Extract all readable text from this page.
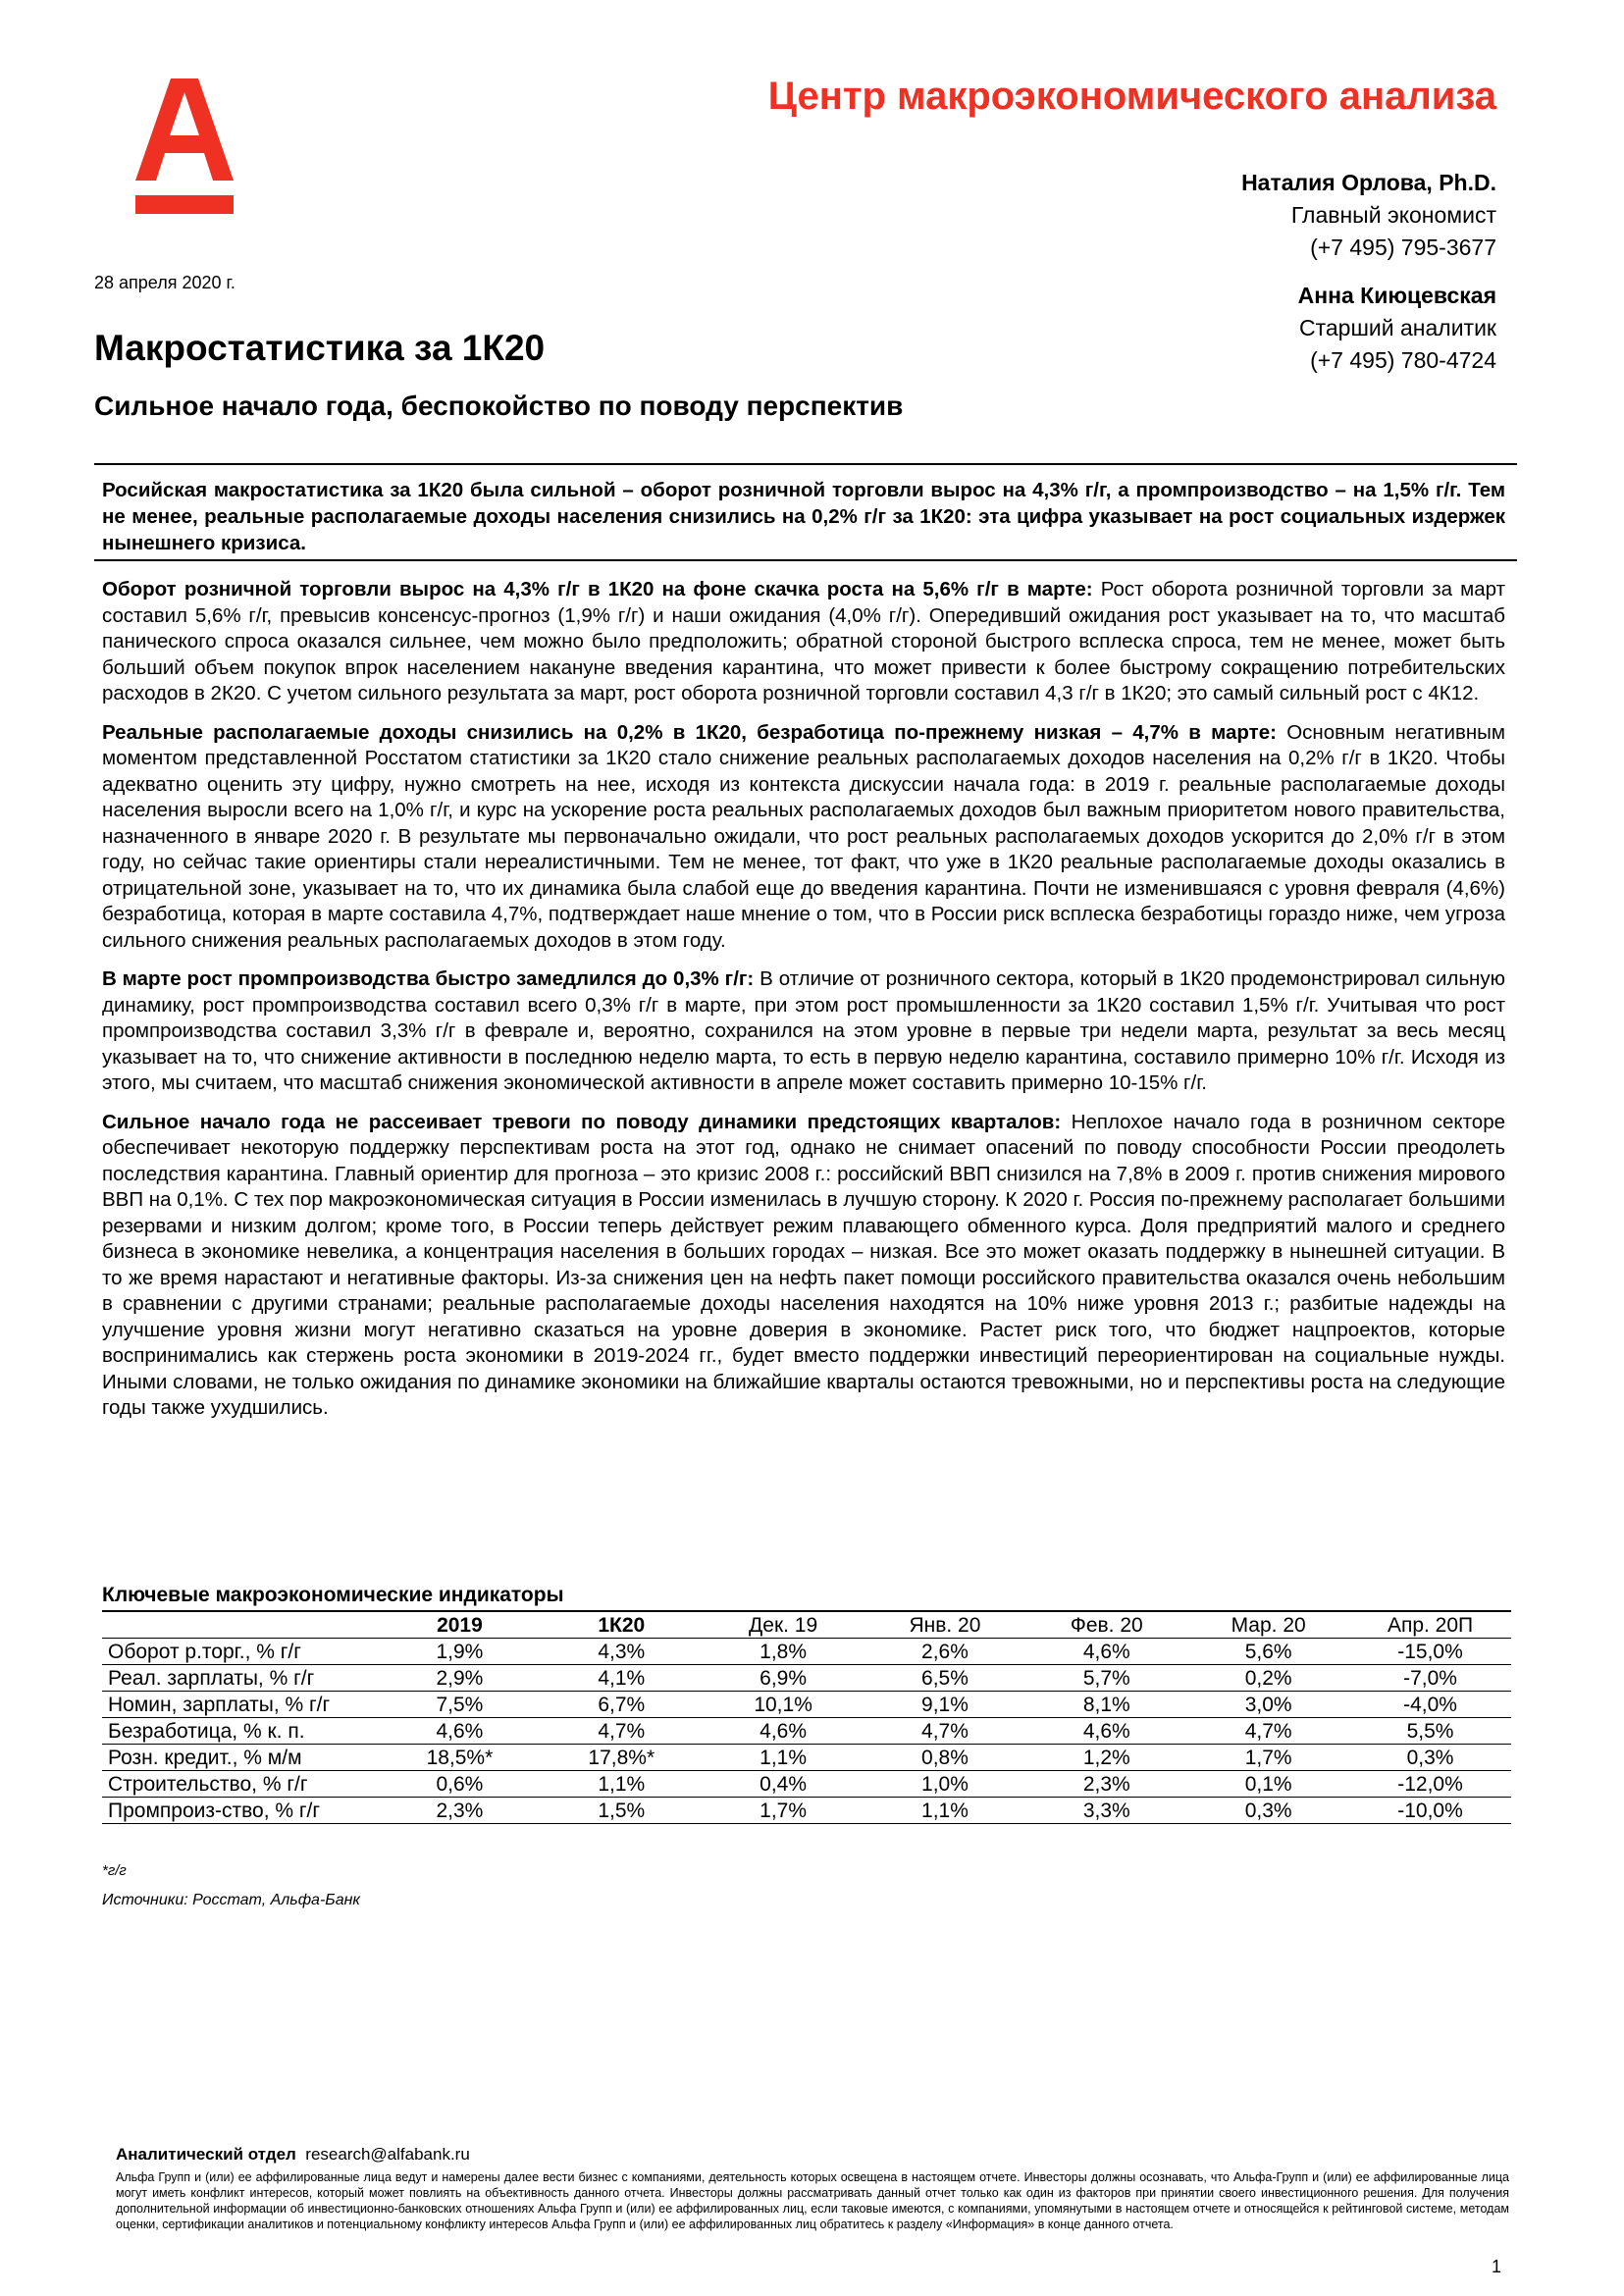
Центр макроэкономического анализа
Наталия Орлова, Ph.D.
Главный экономист
(+7 495) 795-3677
Анна Киюцевская
Старший аналитик
(+7 495) 780-4724
28 апреля 2020 г.
Макростатистика за 1К20
Сильное начало года, беспокойство по поводу перспектив
Росийская макростатистика за 1К20 была сильной – оборот розничной торговли вырос на 4,3% г/г, а промпроизводство – на 1,5% г/г. Тем не менее, реальные располагаемые доходы населения снизились на 0,2% г/г за 1К20: эта цифра указывает на рост социальных издержек нынешнего кризиса.

Оборот розничной торговли вырос на 4,3% г/г в 1К20 на фоне скачка роста на 5,6% г/г в марте: Рост оборота розничной торговли за март составил 5,6% г/г, превысив консенсус-прогноз (1,9% г/г) и наши ожидания (4,0% г/г). Опередивший ожидания рост указывает на то, что масштаб панического спроса оказался сильнее, чем можно было предположить; обратной стороной быстрого всплеска спроса, тем не менее, может быть больший объем покупок впрок населением накануне введения карантина, что может привести к более быстрому сокращению потребительских расходов в 2К20. С учетом сильного результата за март, рост оборота розничной торговли составил 4,3 г/г в 1К20; это самый сильный рост с 4К12.

Реальные располагаемые доходы снизились на 0,2% в 1К20, безработица по-прежнему низкая – 4,7% в марте: Основным негативным моментом представленной Росстатом статистики за 1К20 стало снижение реальных располагаемых доходов населения на 0,2% г/г в 1К20. Чтобы адекватно оценить эту цифру, нужно смотреть на нее, исходя из контекста дискуссии начала года: в 2019 г. реальные располагаемые доходы населения выросли всего на 1,0% г/г, и курс на ускорение роста реальных располагаемых доходов был важным приоритетом нового правительства, назначенного в январе 2020 г. В результате мы первоначально ожидали, что рост реальных располагаемых доходов ускорится до 2,0% г/г в этом году, но сейчас такие ориентиры стали нереалистичными. Тем не менее, тот факт, что уже в 1К20 реальные располагаемые доходы оказались в отрицательной зоне, указывает на то, что их динамика была слабой еще до введения карантина. Почти не изменившаяся с уровня февраля (4,6%) безработица, которая в марте составила 4,7%, подтверждает наше мнение о том, что в России риск всплеска безработицы гораздо ниже, чем угроза сильного снижения реальных располагаемых доходов в этом году.

В марте рост промпроизводства быстро замедлился до 0,3% г/г: В отличие от розничного сектора, который в 1К20 продемонстрировал сильную динамику, рост промпроизводства составил всего 0,3% г/г в марте, при этом рост промышленности за 1К20 составил 1,5% г/г. Учитывая что рост промпроизводства составил 3,3% г/г в феврале и, вероятно, сохранился на этом уровне в первые три недели марта, результат за весь месяц указывает на то, что снижение активности в последнюю неделю марта, то есть в первую неделю карантина, составило примерно 10% г/г. Исходя из этого, мы считаем, что масштаб снижения экономической активности в апреле может составить примерно 10-15% г/г.

Сильное начало года не рассеивает тревоги по поводу динамики предстоящих кварталов: Неплохое начало года в розничном секторе обеспечивает некоторую поддержку перспективам роста на этот год, однако не снимает опасений по поводу способности России преодолеть последствия карантина. Главный ориентир для прогноза – это кризис 2008 г.: российский ВВП снизился на 7,8% в 2009 г. против снижения мирового ВВП на 0,1%. С тех пор макроэкономическая ситуация в России изменилась в лучшую сторону. К 2020 г. Россия по-прежнему располагает большими резервами и низким долгом; кроме того, в России теперь действует режим плавающего обменного курса. Доля предприятий малого и среднего бизнеса в экономике невелика, а концентрация населения в больших городах – низкая. Все это может оказать поддержку в нынешней ситуации. В то же время нарастают и негативные факторы. Из-за снижения цен на нефть пакет помощи российского правительства оказался очень небольшим в сравнении с другими странами; реальные располагаемые доходы населения находятся на 10% ниже уровня 2013 г.; разбитые надежды на улучшение уровня жизни могут негативно сказаться на уровне доверия в экономике. Растет риск того, что бюджет нацпроектов, которые воспринимались как стержень роста экономики в 2019-2024 гг., будет вместо поддержки инвестиций переориентирован на социальные нужды. Иными словами, не только ожидания по динамике экономики на ближайшие кварталы остаются тревожными, но и перспективы роста на следующие годы также ухудшились.

Ключевые макроэкономические индикаторы
	2019	1К20	Дек. 19	Янв. 20	Фев. 20	Мар. 20	Апр. 20П
Оборот р.торг., % г/г	1,9%	4,3%	1,8%	2,6%	4,6%	5,6%	-15,0%
Реал. зарплаты, % г/г	2,9%	4,1%	6,9%	6,5%	5,7%	0,2%	-7,0%
Номин, зарплаты, % г/г	7,5%	6,7%	10,1%	9,1%	8,1%	3,0%	-4,0%
Безработица, % к. п.	4,6%	4,7%	4,6%	4,7%	4,6%	4,7%	5,5%
Розн. кредит., % м/м	18,5%*	17,8%*	1,1%	0,8%	1,2%	1,7%	0,3%
Строительство, % г/г	0,6%	1,1%	0,4%	1,0%	2,3%	0,1%	-12,0%
Промпроиз-ство, % г/г	2,3%	1,5%	1,7%	1,1%	3,3%	0,3%	-10,0%
*г/г
Источники: Росстат, Альфа-Банк
Аналитический отдел research@alfabank.ru
Альфа Групп и (или) ее аффилированные лица ведут и намерены далее вести бизнес с компаниями, деятельность которых освещена в настоящем отчете. Инвесторы должны осознавать, что Альфа-Групп и (или) ее аффилированные лица могут иметь конфликт интересов, который может повлиять на объективность данного отчета. Инвесторы должны рассматривать данный отчет только как один из факторов при принятии своего инвестиционного решения. Для получения дополнительной информации об инвестиционно-банковских отношениях Альфа Групп и (или) ее аффилированных лиц, если таковые имеются, с компаниями, упомянутыми в настоящем отчете и относящейся к рейтинговой системе, методам оценки, сертификации аналитиков и потенциальному конфликту интересов Альфа Групп и (или) ее аффилированных лиц обратитесь к разделу «Информация» в конце данного отчета.
1
